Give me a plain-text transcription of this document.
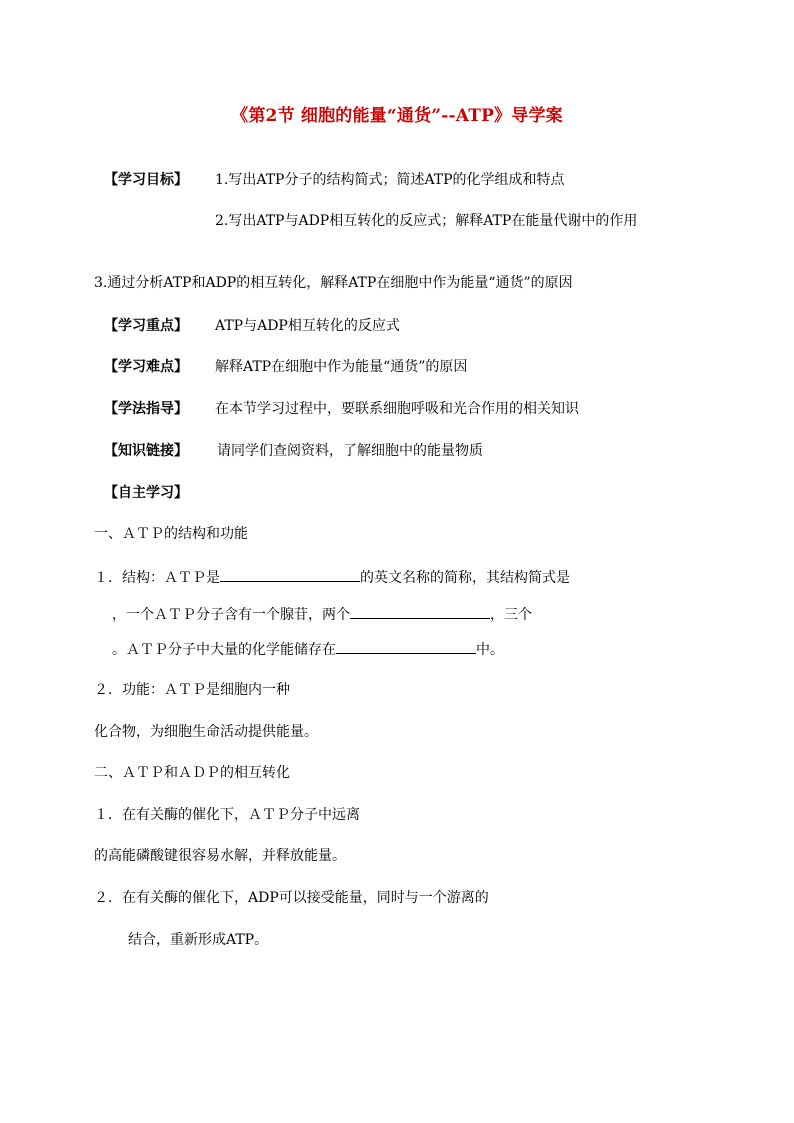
《第2节 细胞的能量“通货”--ATP》导学案
【学习目标】 1.写出ATP分子的结构简式；简述ATP的化学组成和特点
2.写出ATP与ADP相互转化的反应式；解释ATP在能量代谢中的作用
3.通过分析ATP和ADP的相互转化，解释ATP在细胞中作为能量“通货”的原因
【学习重点】 ATP与ADP相互转化的反应式
【学习难点】 解释ATP在细胞中作为能量“通货”的原因
【学法指导】 在本节学习过程中，要联系细胞呼吸和光合作用的相关知识
【知识链接】 请同学们查阅资料，了解细胞中的能量物质
【自主学习】
一、ＡＴＰ的结构和功能
１．结构：ＡＴＰ是	的英文名称的简称，其结构简式是
，一个ＡＴＰ分子含有一个腺苷，两个	，三个
。ＡＴＰ分子中大量的化学能储存在	中。
２．功能：ＡＴＰ是细胞内一种
化合物，为细胞生命活动提供能量。
二、ＡＴＰ和ＡＤＰ的相互转化
１．在有关酶的催化下，ＡＴＰ分子中远离
的高能磷酸键很容易水解，并释放能量。
２．在有关酶的催化下，ADP可以接受能量，同时与一个游离的
结合，重新形成ATP。
